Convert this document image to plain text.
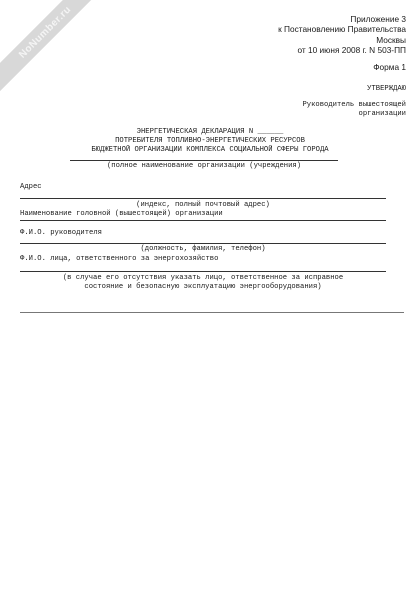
NoNumber.ru	Приложение 3
к Постановлению Правительства
Москвы
от 10 июня 2008 г. N 503-ПП
Форма 1
УТВЕРЖДАЮ
Руководитель вышестоящей
организации
ЭНЕРГЕТИЧЕСКАЯ ДЕКЛАРАЦИЯ N ______
ПОТРЕБИТЕЛЯ ТОПЛИВНО-ЭНЕРГЕТИЧЕСКИХ РЕСУРСОВ
БЮДЖЕТНОЙ ОРГАНИЗАЦИИ КОМПЛЕКСА СОЦИАЛЬНОЙ СФЕРЫ ГОРОДА
(полное наименование организации (учреждения)
Адрес
(индекс, полный почтовый адрес)
Наименование головной (вышестоящей) организации
Ф.И.О. руководителя
(должность, фамилия, телефон)
Ф.И.О. лица, ответственного за энергохозяйство
(в случае его отсутствия указать лицо, ответственное за исправное
состояние и безопасную эксплуатацию энергооборудования)
